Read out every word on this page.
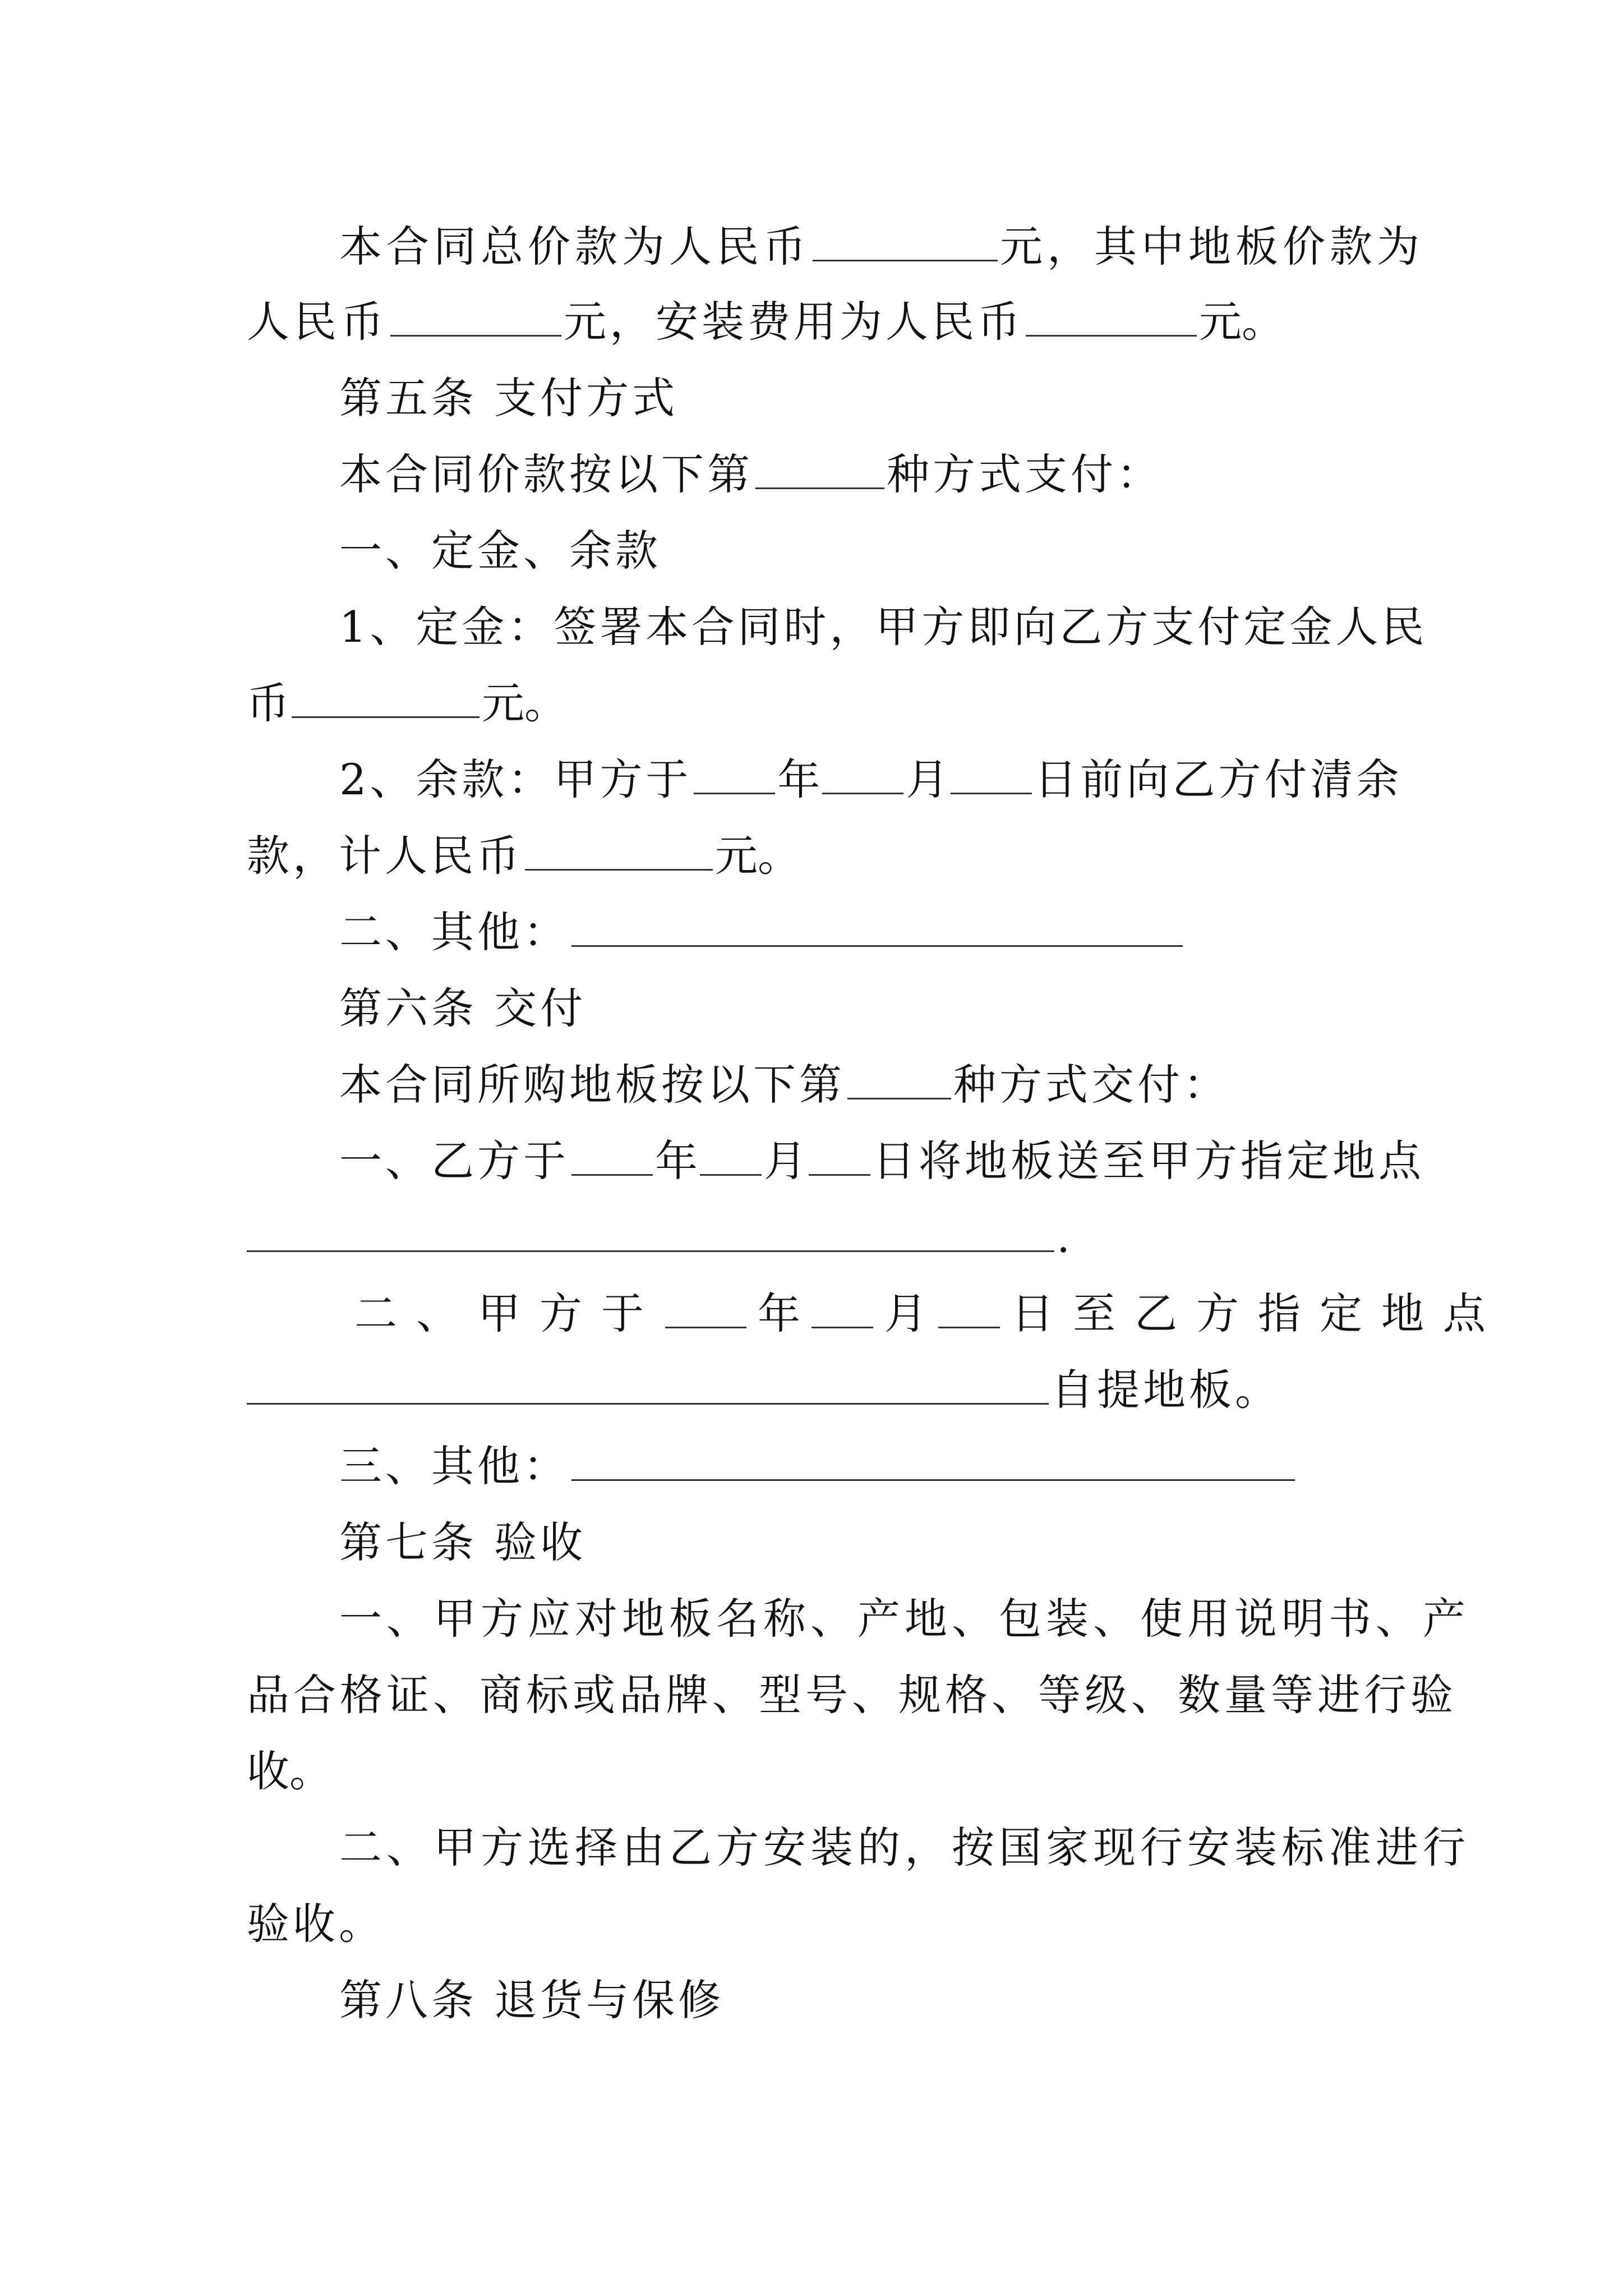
本合同总价款为人民币	元，其中地板价款为
人民币	元，安装费用为人民币	元。
第五条 支付方式
本合同价款按以下第	种方式支付：
一、定金、余款
1、定金：签署本合同时，甲方即向乙方支付定金人民
币	元。
2、余款：甲方于 年 月 日前向乙方付清余
款，计人民币	元。
二、其他：
第六条 交付
本合同所购地板按以下第	种方式交付：
一、乙方于 年 月 日将地板送至甲方指定地点
.
二、甲方于 年 月 日至乙方指定地点
自提地板。
三、其他：
第七条 验收
一、甲方应对地板名称、产地、包装、使用说明书、产
品合格证、商标或品牌、型号、规格、等级、数量等进行验
收。
二、甲方选择由乙方安装的，按国家现行安装标准进行
验收。
第八条 退货与保修
